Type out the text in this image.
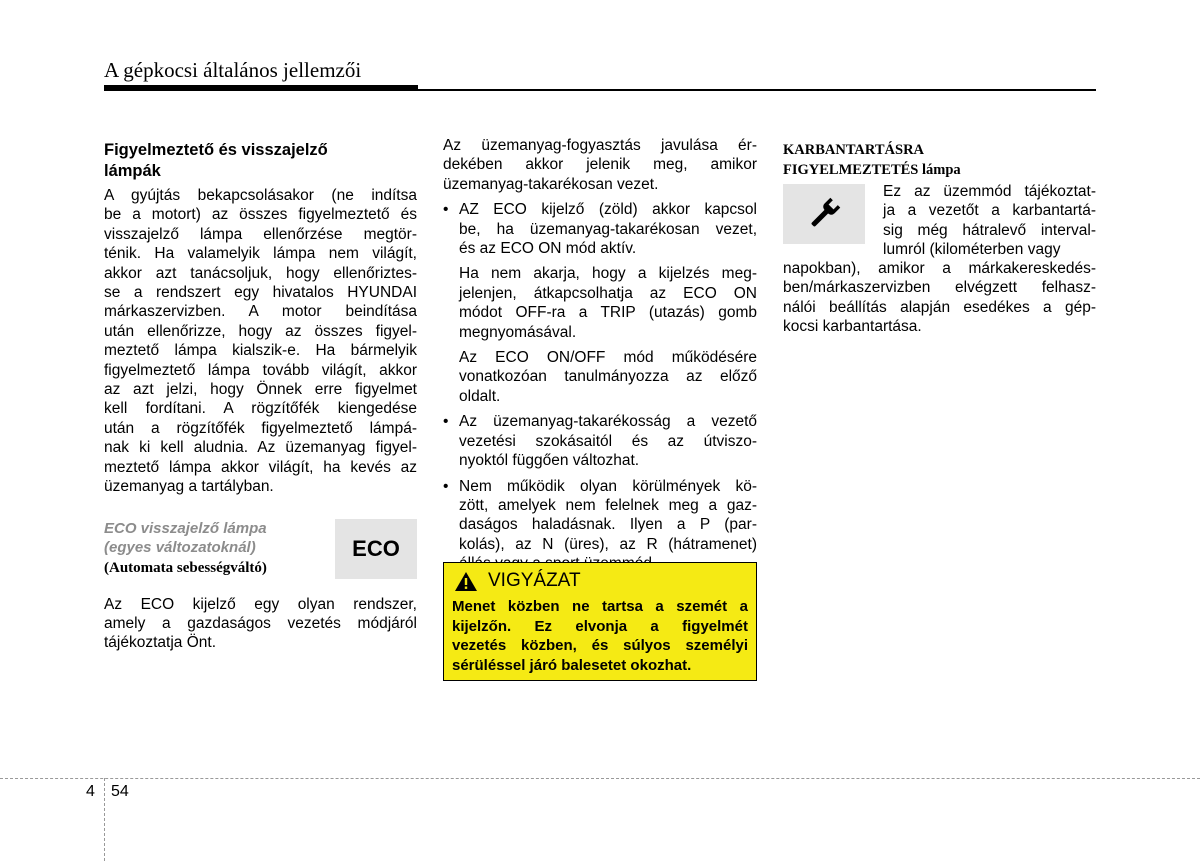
A gépkocsi általános jellemzői
Figyelmeztető és visszajelző
lámpák
A gyújtás bekapcsolásakor (ne indítsa
be a motort) az összes figyelmeztető és
visszajelző lámpa ellenőrzése megtör-
ténik. Ha valamelyik lámpa nem világít,
akkor azt tanácsoljuk, hogy ellenőriztes-
se a rendszert egy hivatalos HYUNDAI
márkaszervizben. A motor beindítása
után ellenőrizze, hogy az összes figyel-
meztető lámpa kialszik-e. Ha bármelyik
figyelmeztető lámpa tovább világít, akkor
az azt jelzi, hogy Önnek erre figyelmet
kell fordítani. A rögzítőfék kiengedése
után a rögzítőfék figyelmeztető lámpá-
nak ki kell aludnia. Az üzemanyag figyel-
meztető lámpa akkor világít, ha kevés az
üzemanyag a tartályban.
ECO visszajelző lámpa
(egyes változatoknál)
(Automata sebességváltó)
ECO
Az ECO kijelző egy olyan rendszer,
amely a gazdaságos vezetés módjáról
tájékoztatja Önt.
Az üzemanyag-fogyasztás javulása ér-
dekében akkor jelenik meg, amikor
üzemanyag-takarékosan vezet.
• AZ ECO kijelző (zöld) akkor kapcsol
be, ha üzemanyag-takarékosan vezet,
és az ECO ON mód aktív.
Ha nem akarja, hogy a kijelzés meg-
jelenjen, átkapcsolhatja az ECO ON
módot OFF-ra a TRIP (utazás) gomb
megnyomásával.
Az ECO ON/OFF mód működésére
vonatkozóan tanulmányozza az előző
oldalt.
• Az üzemanyag-takarékosság a vezető
vezetési szokásaitól és az útviszo-
nyoktól függően változhat.
• Nem működik olyan körülmények kö-
zött, amelyek nem felelnek meg a gaz-
daságos haladásnak. Ilyen a P (par-
kolás), az N (üres), az R (hátramenet)
VIGYÁZAT
Menet közben ne tartsa a szemét a
kijelzőn. Ez elvonja a figyelmét
vezetés közben, és súlyos személyi
sérüléssel járó balesetet okozhat.
KARBANTARTÁSRA
FIGYELMEZTETÉS lámpa
Ez az üzemmód tájékoztat-
ja a vezetőt a karbantartá-
sig még hátralevő interval-
lumról (kilométerben vagy
napokban), amikor a márkakereskedés-
ben/márkaszervizben elvégzett felhasz-
nálói beállítás alapján esedékes a gép-
kocsi karbantartása.
4 54
